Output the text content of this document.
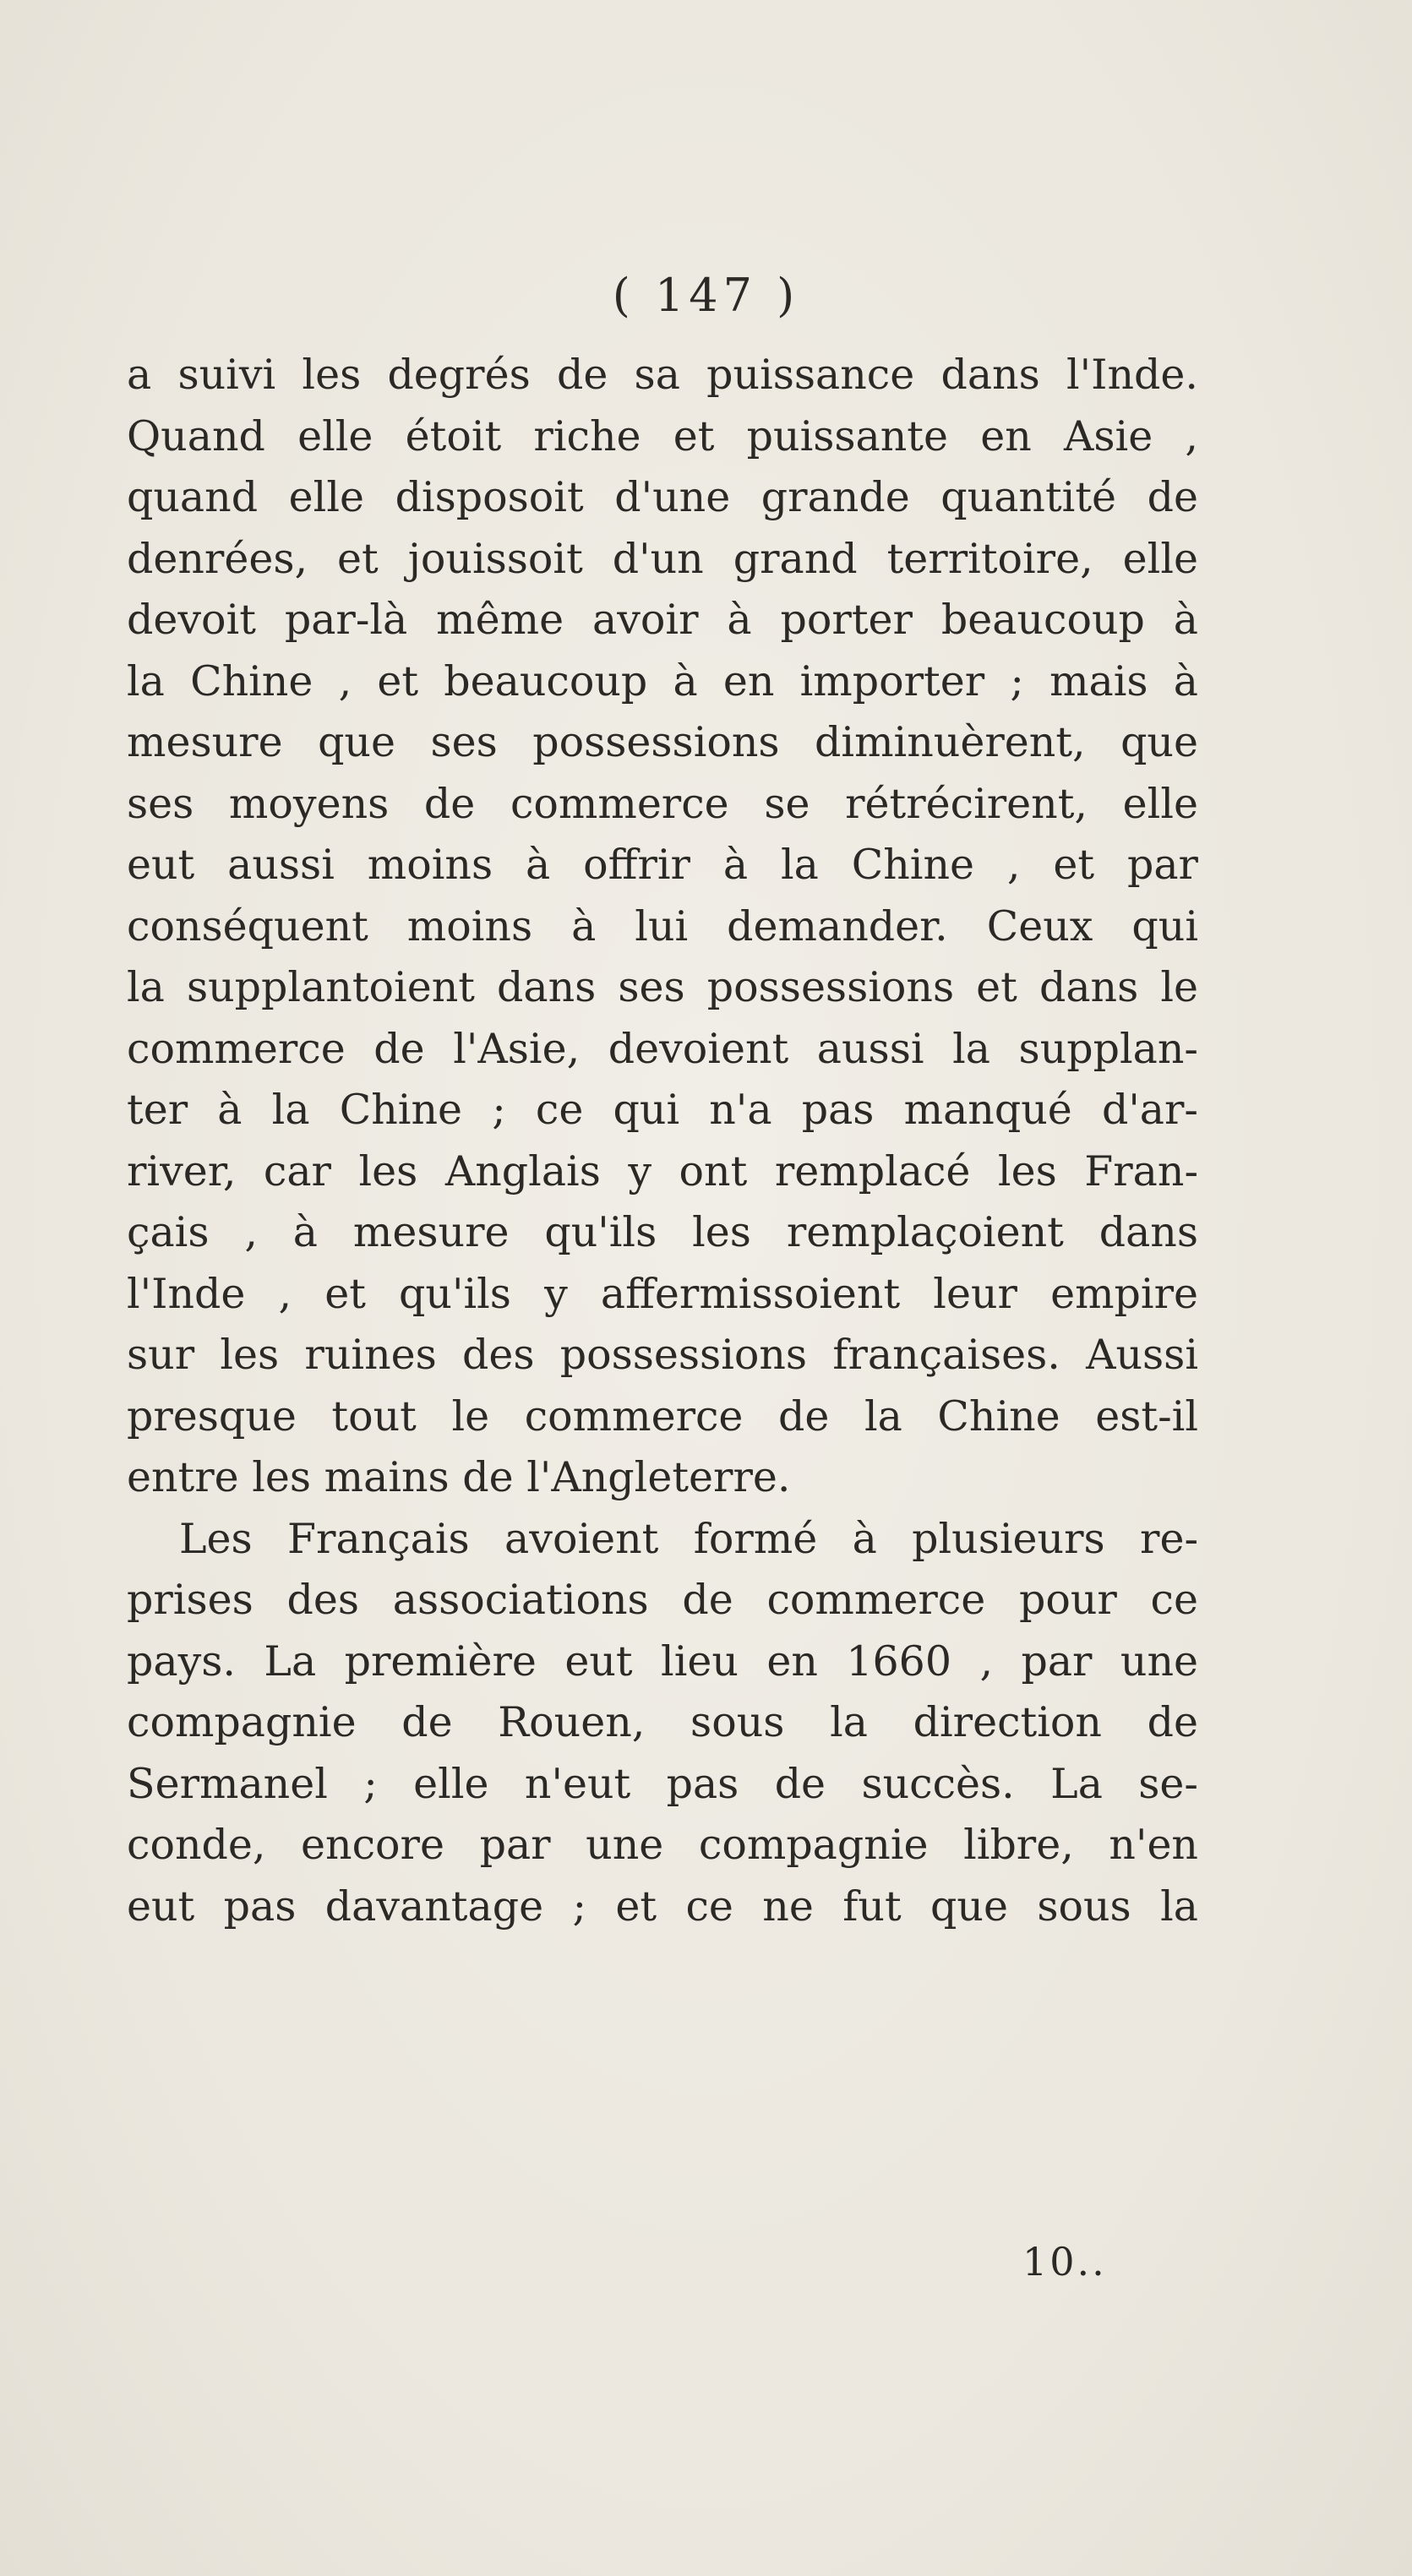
( 147 )
a suivi les degrés de sa puissance dans l'Inde.
Quand elle étoit riche et puissante en Asie ,
quand elle disposoit d'une grande quantité de
denrées, et jouissoit d'un grand territoire, elle
devoit par-là même avoir à porter beaucoup à
la Chine , et beaucoup à en importer ; mais à
mesure que ses possessions diminuèrent, que
ses moyens de commerce se rétrécirent, elle
eut aussi moins à offrir à la Chine , et par
conséquent moins à lui demander. Ceux qui
la supplantoient dans ses possessions et dans le
commerce de l'Asie, devoient aussi la supplan-
ter à la Chine ; ce qui n'a pas manqué d'ar-
river, car les Anglais y ont remplacé les Fran-
çais , à mesure qu'ils les remplaçoient dans
l'Inde , et qu'ils y affermissoient leur empire
sur les ruines des possessions françaises. Aussi
presque tout le commerce de la Chine est-il
entre les mains de l'Angleterre.
Les Français avoient formé à plusieurs re-
prises des associations de commerce pour ce
pays. La première eut lieu en 1660 , par une
compagnie de Rouen, sous la direction de
Sermanel ; elle n'eut pas de succès. La se-
conde, encore par une compagnie libre, n'en
eut pas davantage ; et ce ne fut que sous la
10..
